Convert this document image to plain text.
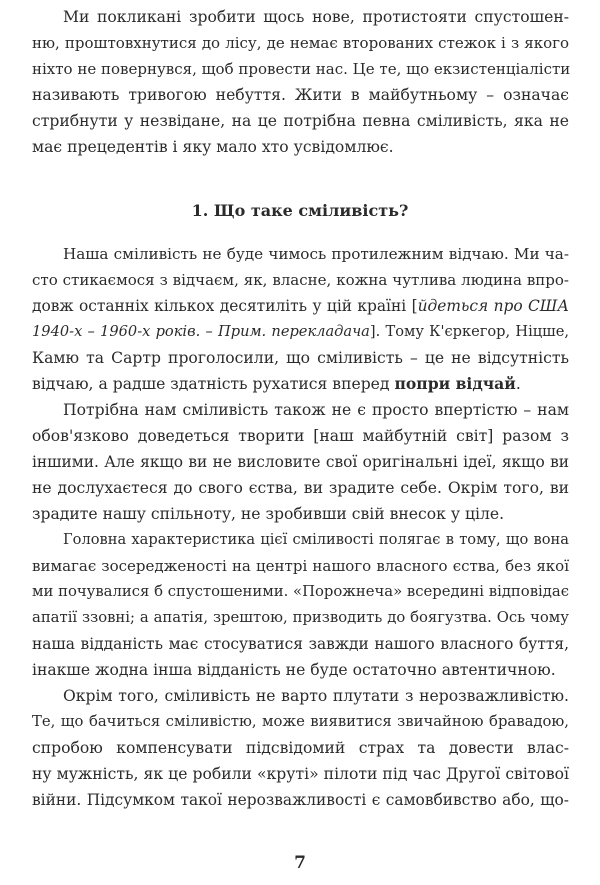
Ми покликані зробити щось нове, протистояти спустошен-
ню, проштовхнутися до лісу, де немає второваних стежок і з якого
ніхто не повернувся, щоб провести нас. Це те, що екзистенціалісти
називають тривогою небуття. Жити в майбутньому – означає
стрибнути у незвідане, на це потрібна певна сміливість, яка не
має прецедентів і яку мало хто усвідомлює.
1. Що таке сміливість?
Наша сміливість не буде чимось протилежним відчаю. Ми ча-
сто стикаємося з відчаєм, як, власне, кожна чутлива людина впро-
довж останніх кількох десятиліть у цій країні [йдеться про США
1940-х – 1960-х років. – Прим. перекладача]. Тому К'єркегор, Ніцше,
Камю та Сартр проголосили, що сміливість – це не відсутність
відчаю, а радше здатність рухатися вперед попри відчай.
Потрібна нам сміливість також не є просто впертістю – нам
обов'язково доведеться творити [наш майбутній світ] разом з
іншими. Але якщо ви не висловите свої оригінальні ідеї, якщо ви
не дослухаєтеся до свого єства, ви зрадите себе. Окрім того, ви
зрадите нашу спільноту, не зробивши свій внесок у ціле.
Головна характеристика цієї сміливості полягає в тому, що вона
вимагає зосередженості на центрі нашого власного єства, без якої
ми почувалися б спустошеними. «Порожнеча» всередині відповідає
апатії ззовні; а апатія, зрештою, призводить до боягузтва. Ось чому
наша відданість має стосуватися завжди нашого власного буття,
інакше жодна інша відданість не буде остаточно автентичною.
Окрім того, сміливість не варто плутати з нерозважливістю.
Те, що бачиться сміливістю, може виявитися звичайною бравадою,
спробою компенсувати підсвідомий страх та довести влас-
ну мужність, як це робили «круті» пілоти під час Другої світової
війни. Підсумком такої нерозважливості є самовбивство або, що-
7
